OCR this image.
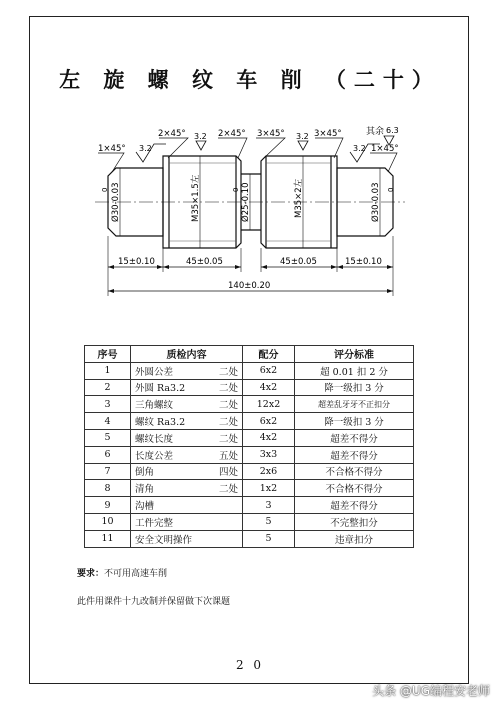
左 旋 螺 纹 车 削 （二十）
1×45° 3.2
2×45° 3.2 2×45° 3×45° 3.2 3×45°	其余 6.3
3.2 1×45°
Ø30-0.03
0	M35×1.5左	Ø25-0.10
0	M35×2左	Ø30-0.03 0
15±0.10	45±0.05	45±0.05	15±0.10
140±0.20
序号	质检内容	配分	评分标准
1	外圆公差 二处	6x2	超 0.01 扣 2 分
2	外圆 Ra3.2 二处	4x2	降一级扣 3 分
3	三角螺纹 二处	12x2	超差乱牙牙不正扣分
4	螺纹 Ra3.2 二处	6x2	降一级扣 3 分
5	螺纹长度 二处	4x2	超差不得分
6	长度公差 五处	3x3	超差不得分
7	倒角 四处	2x6	不合格不得分
8	清角 二处	1x2	不合格不得分
9	沟槽	3	超差不得分
10	工件完整	5	不完整扣分
11	安全文明操作	5	违章扣分
要求：不可用高速车削
此件用课件十九改制并保留做下次课题
2 0
头条 @UG编程安老师
